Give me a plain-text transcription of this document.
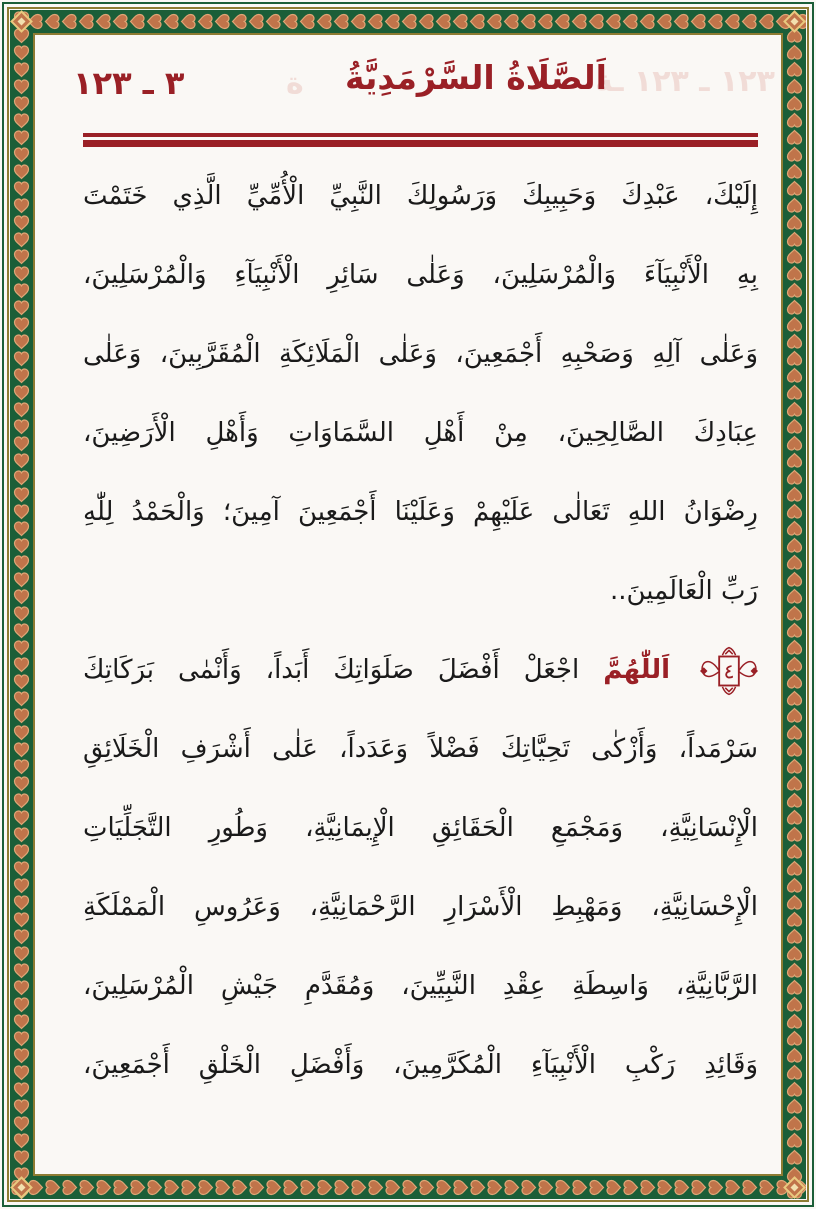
ة	١٢٣ ـ ١٢٣ ـة
٣ ـ ١٢٣	اَلصَّلَاةُ السَّرْمَدِيَّةُ
إِلَيْكَ، عَبْدِكَ وَحَبِيبِكَ وَرَسُولِكَ النَّبِيِّ الْأُمِّيِّ الَّذِي خَتَمْتَ
بِهِ الْأَنْبِيَآءَ وَالْمُرْسَلِينَ، وَعَلٰى سَائِرِ الْأَنْبِيَآءِ وَالْمُرْسَلِينَ،
وَعَلٰى آلِهِ وَصَحْبِهِ أَجْمَعِينَ، وَعَلٰى الْمَلَائِكَةِ الْمُقَرَّبِينَ، وَعَلٰى
عِبَادِكَ الصَّالِحِينَ، مِنْ أَهْلِ السَّمَاوَاتِ وَأَهْلِ الْأَرَضِينَ،
رِضْوَانُ اللهِ تَعَالٰى عَلَيْهِمْ وَعَلَيْنَا أَجْمَعِينَ آمِينَ؛ وَالْحَمْدُ لِلّٰهِ
رَبِّ الْعَالَمِينَ..
٤
اَللّٰهُمَّ اجْعَلْ أَفْضَلَ صَلَوَاتِكَ أَبَداً، وَأَنْمٰى بَرَكَاتِكَ
سَرْمَداً، وَأَزْكٰى تَحِيَّاتِكَ فَضْلاً وَعَدَداً، عَلٰى أَشْرَفِ الْخَلَائِقِ
الْإِنْسَانِيَّةِ، وَمَجْمَعِ الْحَقَائِقِ الْإِيمَانِيَّةِ، وَطُورِ التَّجَلِّيَاتِ
الْإِحْسَانِيَّةِ، وَمَهْبِطِ الْأَسْرَارِ الرَّحْمَانِيَّةِ، وَعَرُوسِ الْمَمْلَكَةِ
الرَّبَّانِيَّةِ، وَاسِطَةِ عِقْدِ النَّبِيِّينَ، وَمُقَدَّمِ جَيْشِ الْمُرْسَلِينَ،
وَقَائِدِ رَكْبِ الْأَنْبِيَآءِ الْمُكَرَّمِينَ، وَأَفْضَلِ الْخَلْقِ أَجْمَعِينَ،
